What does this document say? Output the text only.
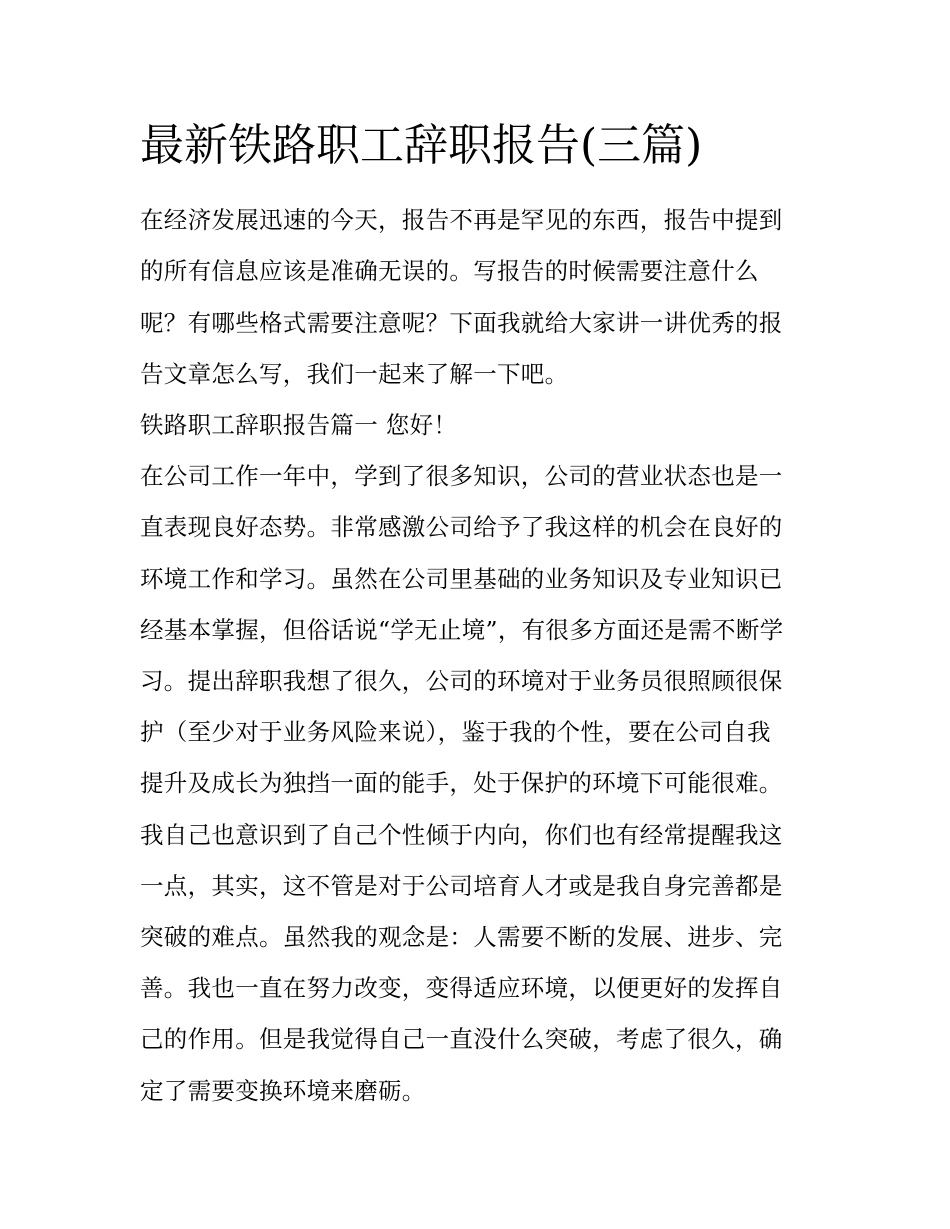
最新铁路职工辞职报告(三篇)
在经济发展迅速的今天，报告不再是罕见的东西，报告中提到
的所有信息应该是准确无误的。写报告的时候需要注意什么
呢？有哪些格式需要注意呢？下面我就给大家讲一讲优秀的报
告文章怎么写，我们一起来了解一下吧。
铁路职工辞职报告篇一 您好！
在公司工作一年中，学到了很多知识，公司的营业状态也是一
直表现良好态势。非常感激公司给予了我这样的机会在良好的
环境工作和学习。虽然在公司里基础的业务知识及专业知识已
经基本掌握，但俗话说“学无止境”，有很多方面还是需不断学
习。提出辞职我想了很久，公司的环境对于业务员很照顾很保
护（至少对于业务风险来说），鉴于我的个性，要在公司自我
提升及成长为独挡一面的能手，处于保护的环境下可能很难。
我自己也意识到了自己个性倾于内向，你们也有经常提醒我这
一点，其实，这不管是对于公司培育人才或是我自身完善都是
突破的难点。虽然我的观念是：人需要不断的发展、进步、完
善。我也一直在努力改变，变得适应环境，以便更好的发挥自
己的作用。但是我觉得自己一直没什么突破，考虑了很久，确
定了需要变换环境来磨砺。
